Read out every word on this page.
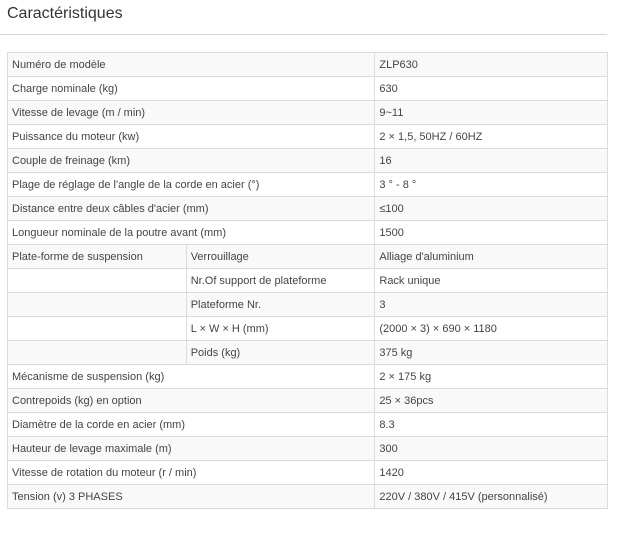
Caractéristiques
Numéro de modèle		ZLP630
Charge nominale (kg)		630
Vitesse de levage (m / min)		9~11
Puissance du moteur (kw)		2 × 1,5, 50HZ / 60HZ
Couple de freinage (km)		16
Plage de réglage de l'angle de la corde en acier (°)		3 ° - 8 °
Distance entre deux câbles d'acier (mm)		≤100
Longueur nominale de la poutre avant (mm)		1500
Plate-forme de suspension	Verrouillage	Alliage d'aluminium
	Nr.Of support de plateforme	Rack unique
	Plateforme Nr.	3
	L × W × H (mm)	(2000 × 3) × 690 × 1180
	Poids (kg)	375 kg
Mécanisme de suspension (kg)		2 × 175 kg
Contrepoids (kg) en option		25 × 36pcs
Diamètre de la corde en acier (mm)		8.3
Hauteur de levage maximale (m)		300
Vitesse de rotation du moteur (r / min)		1420
Tension (v) 3 PHASES		220V / 380V / 415V (personnalisé)
